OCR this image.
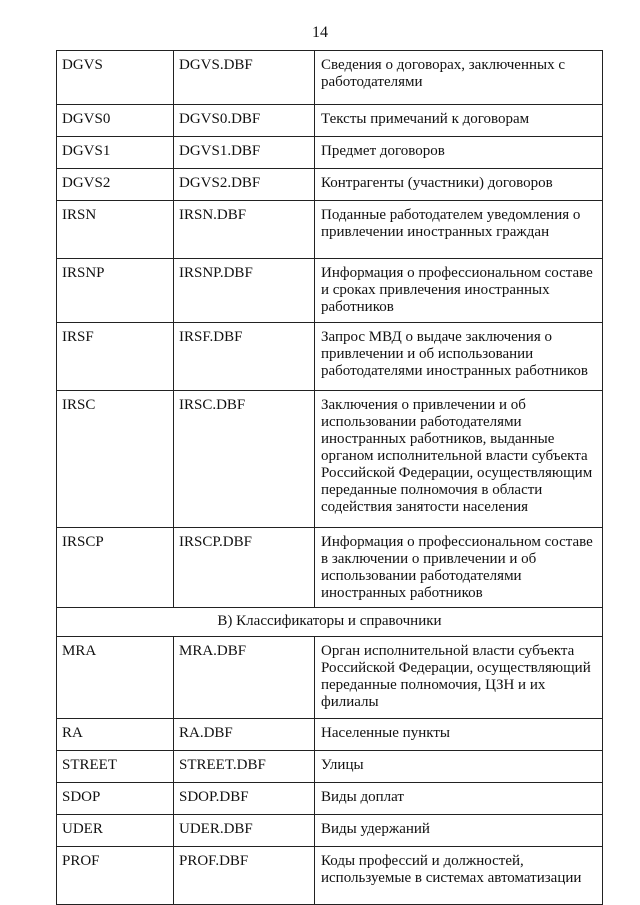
14
DGVS	DGVS.DBF	Сведения о договорах, заключенных с работодателями
DGVS0	DGVS0.DBF	Тексты примечаний к договорам
DGVS1	DGVS1.DBF	Предмет договоров
DGVS2	DGVS2.DBF	Контрагенты (участники) договоров
IRSN	IRSN.DBF	Поданные работодателем уведомления о привлечении иностранных граждан
IRSNP	IRSNP.DBF	Информация о профессиональном составе и сроках привлечения иностранных работников
IRSF	IRSF.DBF	Запрос МВД о выдаче заключения о привлечении и об использовании работодателями иностранных работников
IRSC	IRSC.DBF	Заключения о привлечении и об использовании работодателями иностранных работников, выданные органом исполнительной власти субъекта Российской Федерации, осуществляющим переданные полномочия в области содействия занятости населения
IRSCP	IRSCP.DBF	Информация о профессиональном составе в заключении о привлечении и об использовании работодателями иностранных работников
В) Классификаторы и справочники		
MRA	MRA.DBF	Орган исполнительной власти субъекта Российской Федерации, осуществляющий переданные полномочия, ЦЗН и их филиалы
RA	RA.DBF	Населенные пункты
STREET	STREET.DBF	Улицы
SDOP	SDOP.DBF	Виды доплат
UDER	UDER.DBF	Виды удержаний
PROF	PROF.DBF	Коды профессий и должностей, используемые в системах автоматизации
